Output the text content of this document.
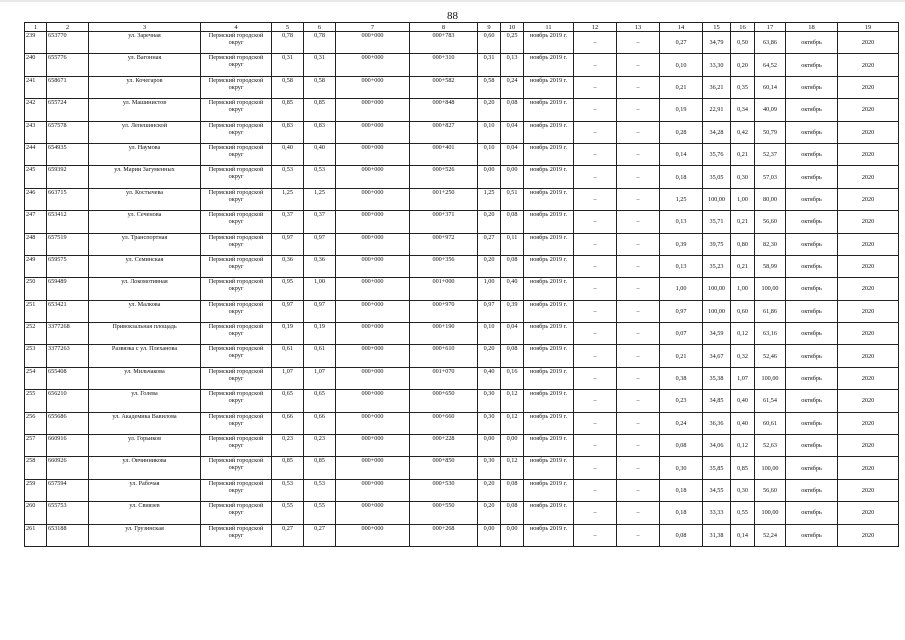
88
1	2	3	4	5	6	7	8	9	10	11	12	13	14	15	16	17	18	19
239	653770	ул. Заречная	Пермский городской округ	0,78	0,78	000+000	000+783	0,60	0,25	ноябрь 2019 г.	–	–	0,27	34,79	0,50	63,86	октябрь	2020
240	655776	ул. Вагонная	Пермский городской округ	0,31	0,31	000+000	000+310	0,31	0,13	ноябрь 2019 г.	–	–	0,10	33,30	0,20	64,52	октябрь	2020
241	658671	ул. Кочегаров	Пермский городской округ	0,58	0,58	000+000	000+582	0,58	0,24	ноябрь 2019 г.	–	–	0,21	36,21	0,35	60,14	октябрь	2020
242	655724	ул. Машинистов	Пермский городской округ	0,85	0,85	000+000	000+848	0,20	0,08	ноябрь 2019 г.	–	–	0,19	22,91	0,34	40,09	октябрь	2020
243	657578	ул. Лепешинской	Пермский городской округ	0,83	0,83	000+000	000+827	0,10	0,04	ноябрь 2019 г.	–	–	0,28	34,28	0,42	50,79	октябрь	2020
244	654935	ул. Наумова	Пермский городской округ	0,40	0,40	000+000	000+401	0,10	0,04	ноябрь 2019 г.	–	–	0,14	35,76	0,21	52,37	октябрь	2020
245	659392	ул. Марии Загуменных	Пермский городской округ	0,53	0,53	000+000	000+526	0,00	0,00	ноябрь 2019 г.	–	–	0,18	35,05	0,30	57,03	октябрь	2020
246	663715	ул. Костычева	Пермский городской округ	1,25	1,25	000+000	001+250	1,25	0,51	ноябрь 2019 г.	–	–	1,25	100,00	1,00	80,00	октябрь	2020
247	653412	ул. Сеченова	Пермский городской округ	0,37	0,37	000+000	000+371	0,20	0,08	ноябрь 2019 г.	–	–	0,13	35,71	0,21	56,60	октябрь	2020
248	657519	ул. Транспортная	Пермский городской округ	0,97	0,97	000+000	000+972	0,27	0,11	ноябрь 2019 г.	–	–	0,39	39,75	0,80	82,30	октябрь	2020
249	659575	ул. Семинская	Пермский городской округ	0,36	0,36	000+000	000+356	0,20	0,08	ноябрь 2019 г.	–	–	0,13	35,23	0,21	58,99	октябрь	2020
250	659489	ул. Локомотивная	Пермский городской округ	0,95	1,00	000+000	001+000	1,00	0,40	ноябрь 2019 г.	–	–	1,00	100,00	1,00	100,00	октябрь	2020
251	653421	ул. Малкова	Пермский городской округ	0,97	0,97	000+000	000+970	0,97	0,39	ноябрь 2019 г.	–	–	0,97	100,00	0,60	61,86	октябрь	2020
252	3377268	Привокзальная площадь	Пермский городской округ	0,19	0,19	000+000	000+190	0,10	0,04	ноябрь 2019 г.	–	–	0,07	34,59	0,12	63,16	октябрь	2020
253	3377263	Развязка с ул. Плеханова	Пермский городской округ	0,61	0,61	000+000	000+610	0,20	0,08	ноябрь 2019 г.	–	–	0,21	34,67	0,32	52,46	октябрь	2020
254	655408	ул. Мильчакова	Пермский городской округ	1,07	1,07	000+000	001+070	0,40	0,16	ноябрь 2019 г.	–	–	0,38	35,38	1,07	100,00	октябрь	2020
255	656210	ул. Голева	Пермский городской округ	0,65	0,65	000+000	000+650	0,30	0,12	ноябрь 2019 г.	–	–	0,23	34,85	0,40	61,54	октябрь	2020
256	655686	ул. Академика Вавилова	Пермский городской округ	0,66	0,66	000+000	000+660	0,30	0,12	ноябрь 2019 г.	–	–	0,24	36,36	0,40	60,61	октябрь	2020
257	660916	ул. Горьиков	Пермский городской округ	0,23	0,23	000+000	000+228	0,00	0,00	ноябрь 2019 г.	–	–	0,08	34,06	0,12	52,63	октябрь	2020
258	660926	ул. Овчинникова	Пермский городской округ	0,85	0,85	000+000	000+850	0,30	0,12	ноябрь 2019 г.	–	–	0,30	35,85	0,85	100,00	октябрь	2020
259	657594	ул. Рабочая	Пермский городской округ	0,53	0,53	000+000	000+530	0,20	0,08	ноябрь 2019 г.	–	–	0,18	34,55	0,30	56,60	октябрь	2020
260	655753	ул. Свиязев	Пермский городской округ	0,55	0,55	000+000	000+550	0,20	0,08	ноябрь 2019 г.	–	–	0,18	33,33	0,55	100,00	октябрь	2020
261	653188	ул. Грузинская	Пермский городской округ	0,27	0,27	000+000	000+268	0,00	0,00	ноябрь 2019 г.	–	–	0,08	31,38	0,14	52,24	октябрь	2020
